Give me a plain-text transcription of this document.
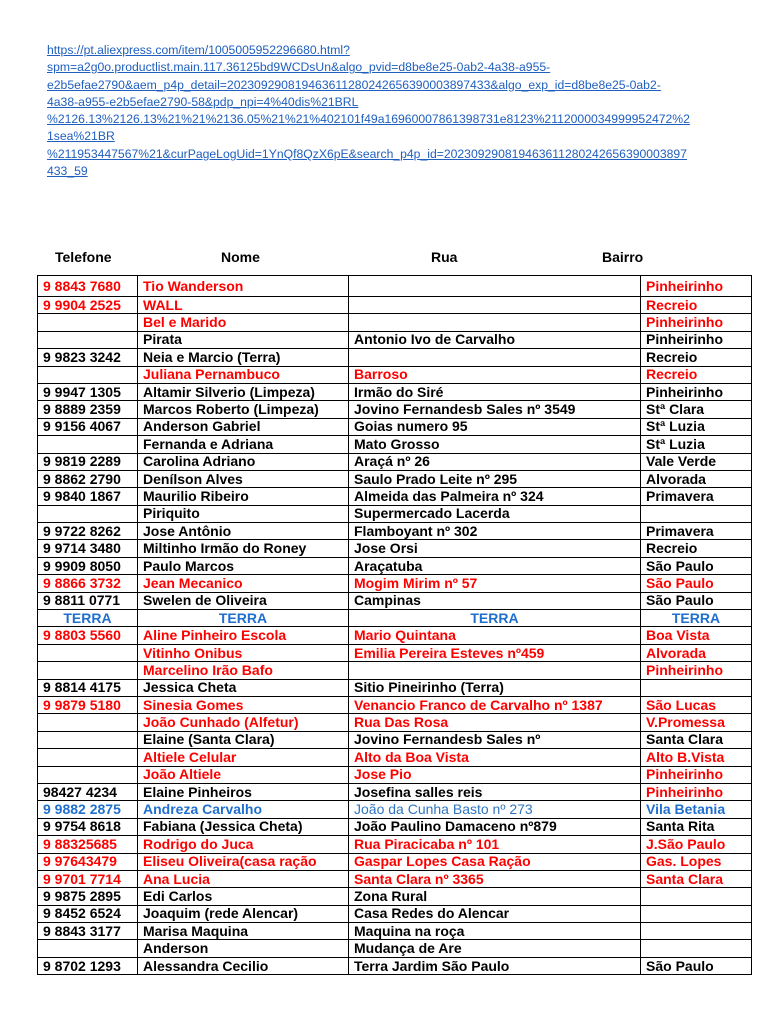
https://pt.aliexpress.com/item/1005005952296680.html?
spm=a2g0o.productlist.main.117.36125bd9WCDsUn&algo_pvid=d8be8e25-0ab2-4a38-a955-
e2b5efae2790&aem_p4p_detail=202309290819463611280242656390003897433&algo_exp_id=d8be8e25-0ab2-
4a38-a955-e2b5efae2790-58&pdp_npi=4%40dis%21BRL
%2126.13%2126.13%21%21%2136.05%21%21%402101f49a16960007861398731e8123%2112000034999952472%2
1sea%21BR
%211953447567%21&curPageLogUid=1YnQf8QzX6pE&search_p4p_id=202309290819463611280242656390003897
433_59
Telefone	Nome	Rua	Bairro
9 8843 7680	Tio Wanderson		Pinheirinho
9 9904 2525	WALL		Recreio
	Bel e Marido		Pinheirinho
	Pirata	Antonio Ivo de Carvalho	Pinheirinho
9 9823 3242	Neia e Marcio (Terra)		Recreio
	Juliana Pernambuco	Barroso	Recreio
9 9947 1305	Altamir Silverio (Limpeza)	Irmão do Siré	Pinheirinho
9 8889 2359	Marcos Roberto (Limpeza)	Jovino Fernandesb Sales nº 3549	Stª Clara
9 9156 4067	Anderson Gabriel	Goias numero 95	Stª Luzia
	Fernanda e Adriana	Mato Grosso	Stª Luzia
9 9819 2289	Carolina Adriano	Araçá nº 26	Vale Verde
9 8862 2790	Denílson Alves	Saulo Prado Leite nº 295	Alvorada
9 9840 1867	Maurilio Ribeiro	Almeida das Palmeira nº 324	Primavera
	Piriquito	Supermercado Lacerda	
9 9722 8262	Jose Antônio	Flamboyant nº 302	Primavera
9 9714 3480	Miltinho Irmão do Roney	Jose Orsi	Recreio
9 9909 8050	Paulo Marcos	Araçatuba	São Paulo
9 8866 3732	Jean Mecanico	Mogim Mirim nº 57	São Paulo
9 8811 0771	Swelen de Oliveira	Campinas	São Paulo
TERRA	TERRA	TERRA	TERRA
9 8803 5560	Aline Pinheiro Escola	Mario Quintana	Boa Vista
	Vitinho Onibus	Emilia Pereira Esteves nº459	Alvorada
	Marcelino Irão Bafo		Pinheirinho
9 8814 4175	Jessica Cheta	Sitio Pineirinho (Terra)	
9 9879 5180	Sinesia Gomes	Venancio Franco de Carvalho nº 1387	São Lucas
	João Cunhado (Alfetur)	Rua Das Rosa	V.Promessa
	Elaine (Santa Clara)	Jovino Fernandesb Sales nº	Santa Clara
	Altiele Celular	Alto da Boa Vista	Alto B.Vista
	João Altiele	Jose Pio	Pinheirinho
98427 4234	Elaine Pinheiros	Josefina salles reis	Pinheirinho
9 9882 2875	Andreza Carvalho	João da Cunha Basto nº 273	Vila Betania
9 9754 8618	Fabiana (Jessica Cheta)	João Paulino Damaceno nº879	Santa Rita
9 88325685	Rodrigo do Juca	Rua Piracicaba nº 101	J.São Paulo
9 97643479	Eliseu Oliveira(casa ração	Gaspar Lopes Casa Ração	Gas. Lopes
9 9701 7714	Ana Lucia	Santa Clara nº 3365	Santa Clara
9 9875 2895	Edi Carlos	Zona Rural	
9 8452 6524	Joaquim (rede Alencar)	Casa Redes do Alencar	
9 8843 3177	Marisa Maquina	Maquina na roça	
	Anderson	Mudança de Are	
9 8702 1293	Alessandra Cecilio	Terra Jardim São Paulo	São Paulo
